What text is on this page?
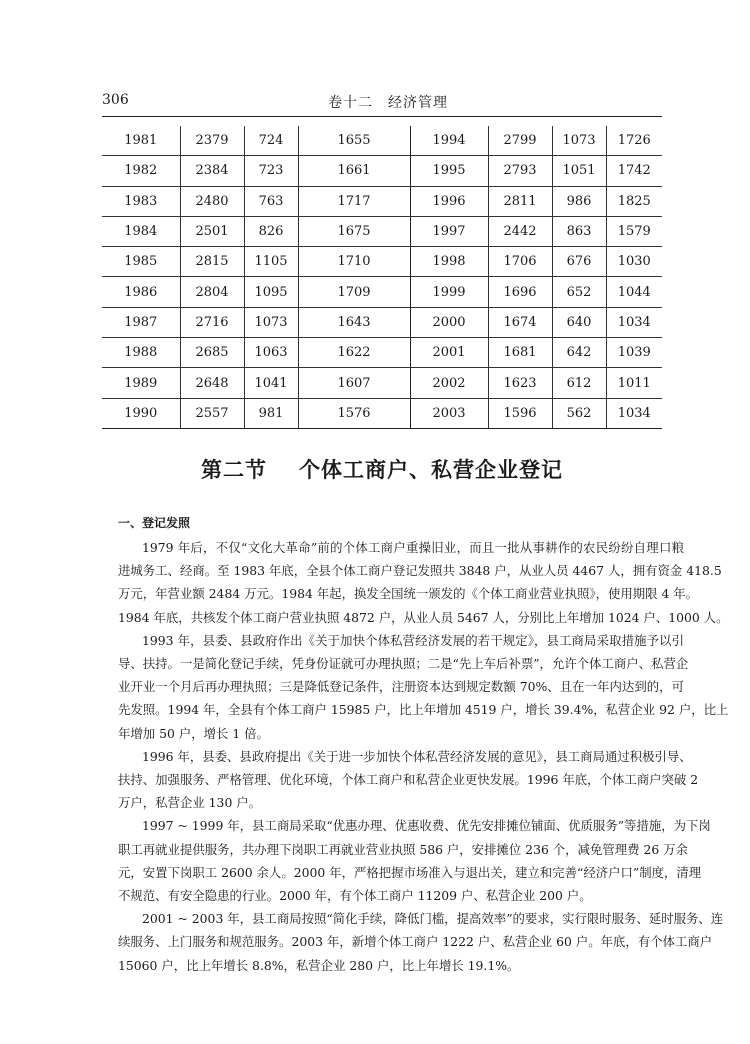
306	卷十二　经济管理
1981	2379	724	1655	1994	2799	1073	1726
1982	2384	723	1661	1995	2793	1051	1742
1983	2480	763	1717	1996	2811	986	1825
1984	2501	826	1675	1997	2442	863	1579
1985	2815	1105	1710	1998	1706	676	1030
1986	2804	1095	1709	1999	1696	652	1044
1987	2716	1073	1643	2000	1674	640	1034
1988	2685	1063	1622	2001	1681	642	1039
1989	2648	1041	1607	2002	1623	612	1011
1990	2557	981	1576	2003	1596	562	1034
第二节 个体工商户、私营企业登记
一、登记发照

1979 年后，不仅“文化大革命”前的个体工商户重操旧业，而且一批从事耕作的农民纷纷自理口粮
进城务工、经商。至 1983 年底，全县个体工商户登记发照共 3848 户，从业人员 4467 人，拥有资金 418.5
万元，年营业额 2484 万元。1984 年起，换发全国统一颁发的《个体工商业营业执照》，使用期限 4 年。
1984 年底，共核发个体工商户营业执照 4872 户，从业人员 5467 人，分别比上年增加 1024 户、1000 人。

1993 年，县委、县政府作出《关于加快个体私营经济发展的若干规定》，县工商局采取措施予以引
导、扶持。一是简化登记手续，凭身份证就可办理执照；二是“先上车后补票”，允许个体工商户、私营企
业开业一个月后再办理执照；三是降低登记条件，注册资本达到规定数额 70%、且在一年内达到的，可
先发照。1994 年，全县有个体工商户 15985 户，比上年增加 4519 户，增长 39.4%，私营企业 92 户，比上
年增加 50 户，增长 1 倍。

1996 年，县委、县政府提出《关于进一步加快个体私营经济发展的意见》，县工商局通过积极引导、
扶持、加强服务、严格管理、优化环境，个体工商户和私营企业更快发展。1996 年底，个体工商户突破 2
万户，私营企业 130 户。

1997 ~ 1999 年，县工商局采取“优惠办理、优惠收费、优先安排摊位铺面、优质服务”等措施，为下岗
职工再就业提供服务，共办理下岗职工再就业营业执照 586 户，安排摊位 236 个，减免管理费 26 万余
元，安置下岗职工 2600 余人。2000 年，严格把握市场准入与退出关，建立和完善“经济户口”制度，清理
不规范、有安全隐患的行业。2000 年，有个体工商户 11209 户、私营企业 200 户。

2001 ~ 2003 年，县工商局按照“简化手续，降低门槛，提高效率”的要求，实行限时服务、延时服务、连
续服务、上门服务和规范服务。2003 年，新增个体工商户 1222 户、私营企业 60 户。年底，有个体工商户
15060 户，比上年增长 8.8%，私营企业 280 户，比上年增长 19.1%。
